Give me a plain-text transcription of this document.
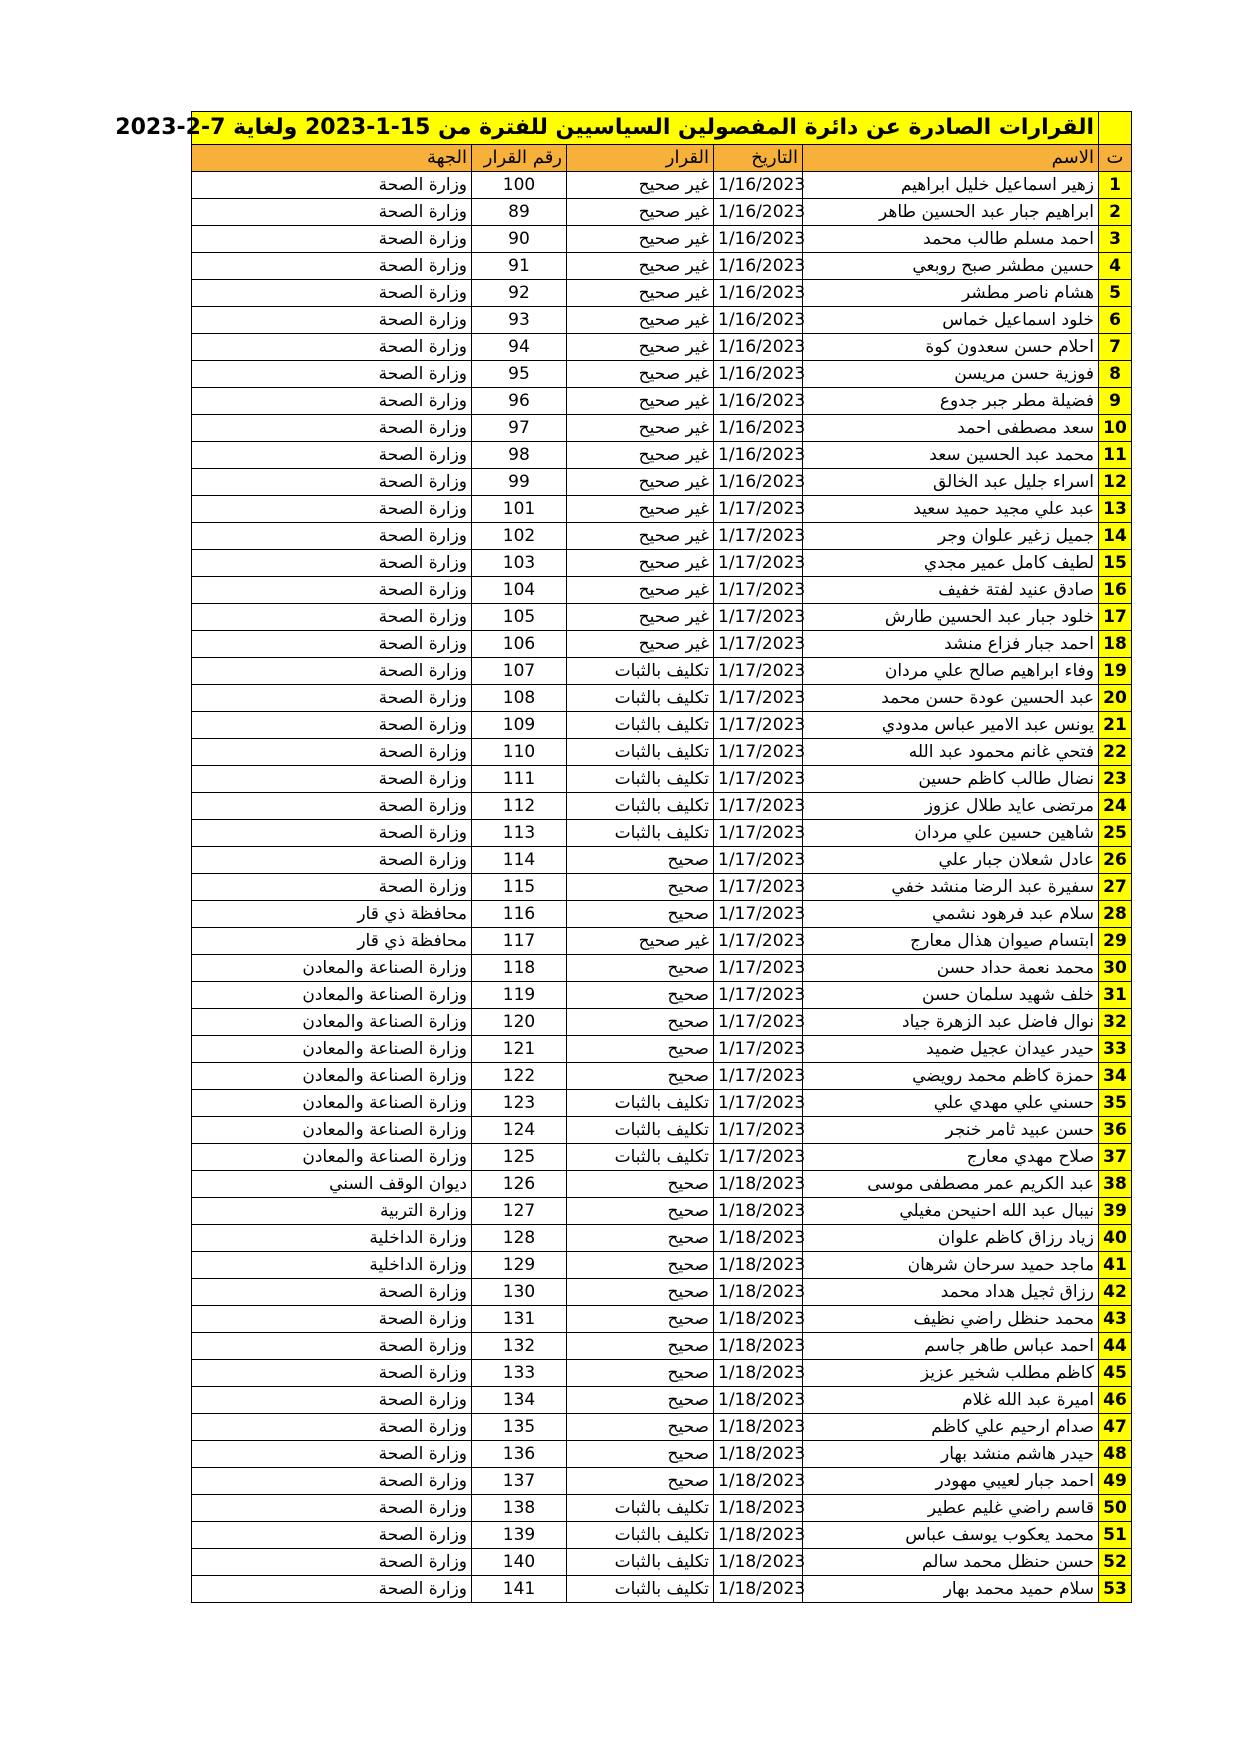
	القرارات الصادرة عن دائرة المفصولين السياسيين للفترة من 15-1-2023 ولغاية 7-2-2023				
ت	الاسم	التاريخ	القرار	رقم القرار	الجهة
1	زهير اسماعيل خليل ابراهيم	1/16/2023	غير صحيح	100	وزارة الصحة
2	ابراهيم جبار عبد الحسين طاهر	1/16/2023	غير صحيح	89	وزارة الصحة
3	احمد مسلم طالب محمد	1/16/2023	غير صحيح	90	وزارة الصحة
4	حسين مطشر صبح روبعي	1/16/2023	غير صحيح	91	وزارة الصحة
5	هشام ناصر مطشر	1/16/2023	غير صحيح	92	وزارة الصحة
6	خلود اسماعيل خماس	1/16/2023	غير صحيح	93	وزارة الصحة
7	احلام حسن سعدون كوة	1/16/2023	غير صحيح	94	وزارة الصحة
8	فوزية حسن مريسن	1/16/2023	غير صحيح	95	وزارة الصحة
9	فضيلة مطر جبر جدوع	1/16/2023	غير صحيح	96	وزارة الصحة
10	سعد مصطفى احمد	1/16/2023	غير صحيح	97	وزارة الصحة
11	محمد عبد الحسين سعد	1/16/2023	غير صحيح	98	وزارة الصحة
12	اسراء جليل عبد الخالق	1/16/2023	غير صحيح	99	وزارة الصحة
13	عبد علي مجيد حميد سعيد	1/17/2023	غير صحيح	101	وزارة الصحة
14	جميل زغير علوان وجر	1/17/2023	غير صحيح	102	وزارة الصحة
15	لطيف كامل عمير مجدي	1/17/2023	غير صحيح	103	وزارة الصحة
16	صادق عنيد لفتة خفيف	1/17/2023	غير صحيح	104	وزارة الصحة
17	خلود جبار عبد الحسين طارش	1/17/2023	غير صحيح	105	وزارة الصحة
18	احمد جبار فزاع منشد	1/17/2023	غير صحيح	106	وزارة الصحة
19	وفاء ابراهيم صالح علي مردان	1/17/2023	تكليف بالثبات	107	وزارة الصحة
20	عبد الحسين عودة حسن محمد	1/17/2023	تكليف بالثبات	108	وزارة الصحة
21	يونس عبد الامير عباس مدودي	1/17/2023	تكليف بالثبات	109	وزارة الصحة
22	فتحي غانم محمود عبد الله	1/17/2023	تكليف بالثبات	110	وزارة الصحة
23	نضال طالب كاظم حسين	1/17/2023	تكليف بالثبات	111	وزارة الصحة
24	مرتضى عايد طلال عزوز	1/17/2023	تكليف بالثبات	112	وزارة الصحة
25	شاهين حسين علي مردان	1/17/2023	تكليف بالثبات	113	وزارة الصحة
26	عادل شعلان جبار علي	1/17/2023	صحيح	114	وزارة الصحة
27	سفيرة عبد الرضا منشد خفي	1/17/2023	صحيح	115	وزارة الصحة
28	سلام عبد فرهود نشمي	1/17/2023	صحيح	116	محافظة ذي قار
29	ابتسام صيوان هذال معارج	1/17/2023	غير صحيح	117	محافظة ذي قار
30	محمد نعمة حداد حسن	1/17/2023	صحيح	118	وزارة الصناعة والمعادن
31	خلف شهيد سلمان حسن	1/17/2023	صحيح	119	وزارة الصناعة والمعادن
32	نوال فاضل عبد الزهرة جياد	1/17/2023	صحيح	120	وزارة الصناعة والمعادن
33	حيدر عيدان عجيل ضميد	1/17/2023	صحيح	121	وزارة الصناعة والمعادن
34	حمزة كاظم محمد رويضي	1/17/2023	صحيح	122	وزارة الصناعة والمعادن
35	حسني علي مهدي علي	1/17/2023	تكليف بالثبات	123	وزارة الصناعة والمعادن
36	حسن عبيد ثامر خنجر	1/17/2023	تكليف بالثبات	124	وزارة الصناعة والمعادن
37	صلاح مهدي معارج	1/17/2023	تكليف بالثبات	125	وزارة الصناعة والمعادن
38	عبد الكريم عمر مصطفى موسى	1/18/2023	صحيح	126	ديوان الوقف السني
39	نيبال عبد الله احنيحن مغيلي	1/18/2023	صحيح	127	وزارة التربية
40	زياد رزاق كاظم علوان	1/18/2023	صحيح	128	وزارة الداخلية
41	ماجد حميد سرحان شرهان	1/18/2023	صحيح	129	وزارة الداخلية
42	رزاق ثجيل هداد محمد	1/18/2023	صحيح	130	وزارة الصحة
43	محمد حنظل راضي نظيف	1/18/2023	صحيح	131	وزارة الصحة
44	احمد عباس طاهر جاسم	1/18/2023	صحيح	132	وزارة الصحة
45	كاظم مطلب شخير عزيز	1/18/2023	صحيح	133	وزارة الصحة
46	اميرة عبد الله غلام	1/18/2023	صحيح	134	وزارة الصحة
47	صدام ارحيم علي كاظم	1/18/2023	صحيح	135	وزارة الصحة
48	حيدر هاشم منشد بهار	1/18/2023	صحيح	136	وزارة الصحة
49	احمد جبار لعيبي مهودر	1/18/2023	صحيح	137	وزارة الصحة
50	قاسم راضي غليم عطير	1/18/2023	تكليف بالثبات	138	وزارة الصحة
51	محمد يعكوب يوسف عباس	1/18/2023	تكليف بالثبات	139	وزارة الصحة
52	حسن حنظل محمد سالم	1/18/2023	تكليف بالثبات	140	وزارة الصحة
53	سلام حميد محمد بهار	1/18/2023	تكليف بالثبات	141	وزارة الصحة
